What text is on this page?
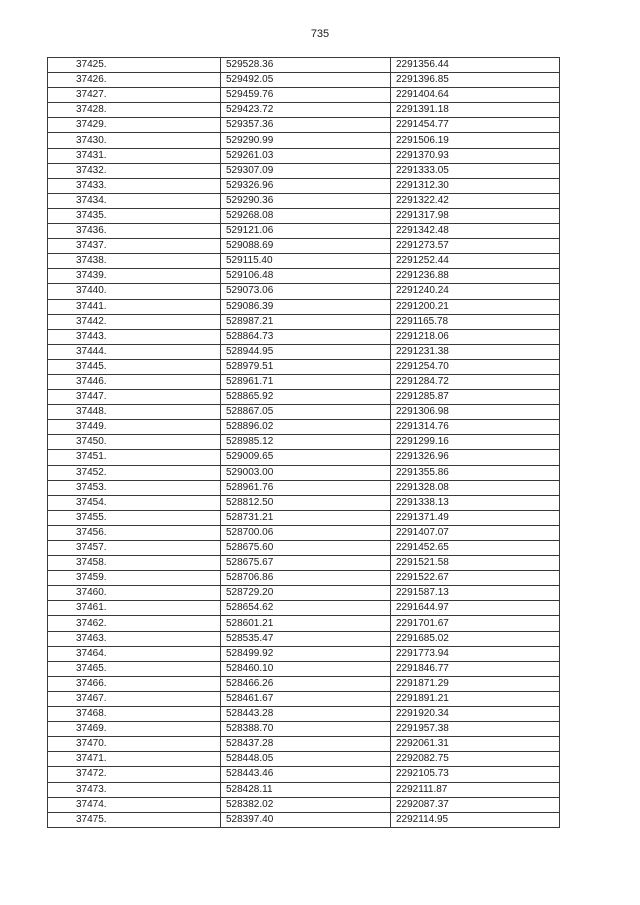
735
37425.	529528.36	2291356.44
37426.	529492.05	2291396.85
37427.	529459.76	2291404.64
37428.	529423.72	2291391.18
37429.	529357.36	2291454.77
37430.	529290.99	2291506.19
37431.	529261.03	2291370.93
37432.	529307.09	2291333.05
37433.	529326.96	2291312.30
37434.	529290.36	2291322.42
37435.	529268.08	2291317.98
37436.	529121.06	2291342.48
37437.	529088.69	2291273.57
37438.	529115.40	2291252.44
37439.	529106.48	2291236.88
37440.	529073.06	2291240.24
37441.	529086.39	2291200.21
37442.	528987.21	2291165.78
37443.	528864.73	2291218.06
37444.	528944.95	2291231.38
37445.	528979.51	2291254.70
37446.	528961.71	2291284.72
37447.	528865.92	2291285.87
37448.	528867.05	2291306.98
37449.	528896.02	2291314.76
37450.	528985.12	2291299.16
37451.	529009.65	2291326.96
37452.	529003.00	2291355.86
37453.	528961.76	2291328.08
37454.	528812.50	2291338.13
37455.	528731.21	2291371.49
37456.	528700.06	2291407.07
37457.	528675.60	2291452.65
37458.	528675.67	2291521.58
37459.	528706.86	2291522.67
37460.	528729.20	2291587.13
37461.	528654.62	2291644.97
37462.	528601.21	2291701.67
37463.	528535.47	2291685.02
37464.	528499.92	2291773.94
37465.	528460.10	2291846.77
37466.	528466.26	2291871.29
37467.	528461.67	2291891.21
37468.	528443.28	2291920.34
37469.	528388.70	2291957.38
37470.	528437.28	2292061.31
37471.	528448.05	2292082.75
37472.	528443.46	2292105.73
37473.	528428.11	2292111.87
37474.	528382.02	2292087.37
37475.	528397.40	2292114.95
